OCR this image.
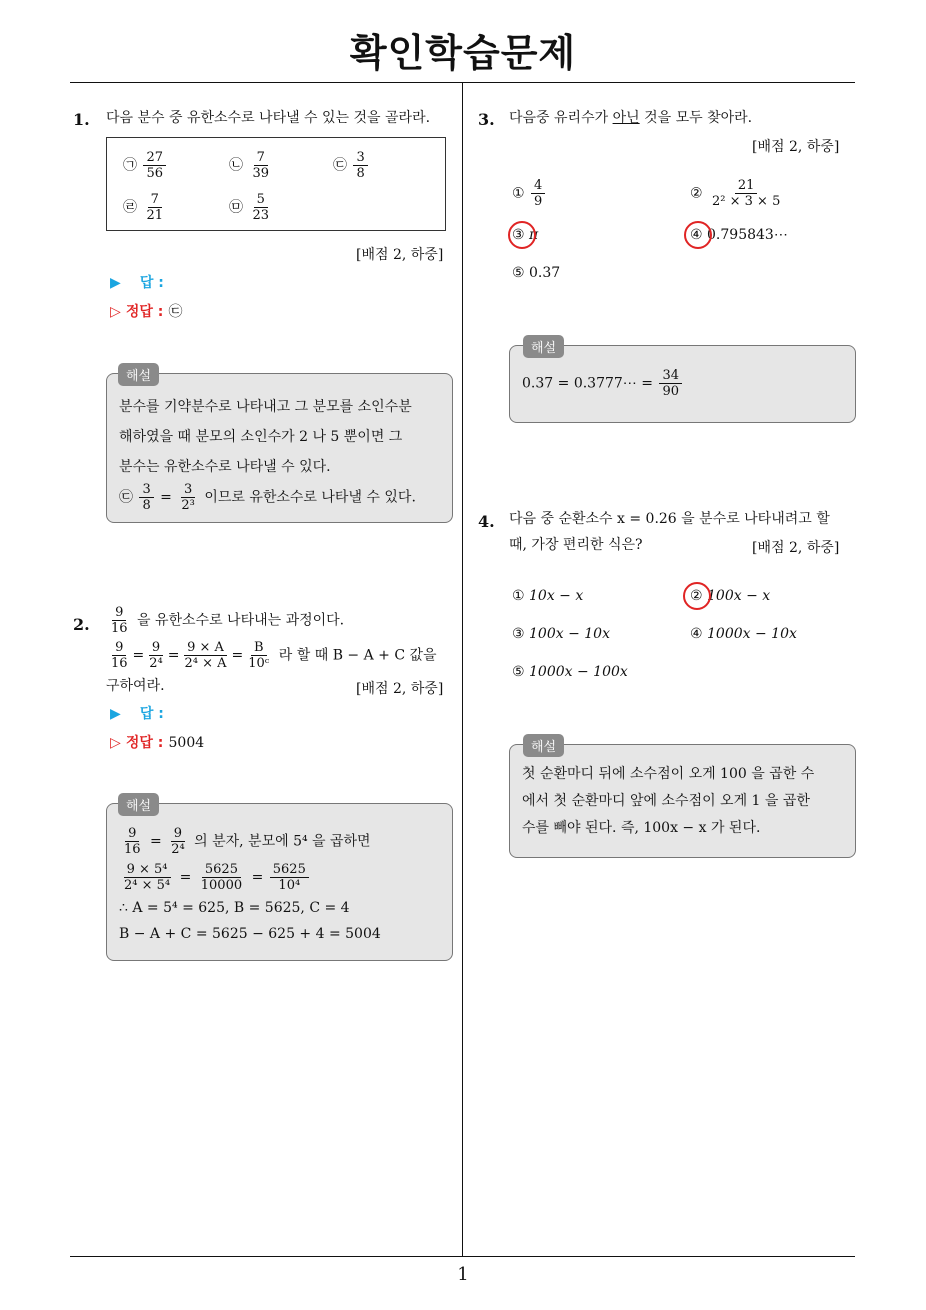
확인학습문제
1
1. 다음 분수 중 유한소수로 나타낼 수 있는 것을 골라라.
㉠ $\frac{27}{56}$	㉡ $\frac{7}{39}$	㉢ $\frac{3}{8}$
㉣ $\frac{7}{21}$	㉤ $\frac{5}{23}$
[배점 2, 하중]
▶ 답 :
▷ 정답 : ㉢
분수를 기약분수로 나타내고 그 분모를 소인수분
해하였을 때 분모의 소인수가 2 나 5 뿐이면 그
분수는 유한소수로 나타낼 수 있다.
㉢ $\frac{3}{8} = \frac{3}{\text{2³}}$ 이므로 유한소수로 나타낼 수 있다.
해설
2. $\frac{9}{16}$ 을 유한소수로 나타내는 과정이다.
$\frac{9}{16} = \frac{9}{\text{2⁴}} = \frac{9 \times A}{\text{2⁴ × A}} = \frac{B}{\text{10ᶜ}}$ 라 할 때 B − A + C 값을
구하여라.	[배점 2, 하중]
▶ 답 :
▷ 정답 : 5004
$\frac{9}{16} = \frac{9}{\text{2⁴}}$ 의 분자, 분모에 5⁴ 을 곱하면
$\frac{\text{9 × 5⁴}}{\text{2⁴ × 5⁴}} = \frac{5625}{10000} = \frac{5625}{\text{10⁴}}$
∴ A = 5⁴ = 625, B = 5625, C = 4
B − A + C = 5625 − 625 + 4 = 5004
해설
3. 다음중 유리수가 아닌 것을 모두 찾아라.
[배점 2, 하중]
① $\frac{4}{9}$	② $\frac{21}{\text{2² × 3 × 5}}$
③ π	④ 0.795843⋯
⑤ 0.37
0.37 = 0.3777⋯ = $\frac{34}{90}$
해설
4. 다음 중 순환소수 x = 0.26 을 분수로 나타내려고 할
때, 가장 편리한 식은?	[배점 2, 하중]
① 10x − x	② 100x − x
③ 100x − 10x	④ 1000x − 10x
⑤ 1000x − 100x
첫 순환마디 뒤에 소수점이 오게 100 을 곱한 수
에서 첫 순환마디 앞에 소수점이 오게 1 을 곱한
수를 빼야 된다. 즉, 100x − x 가 된다.
해설
